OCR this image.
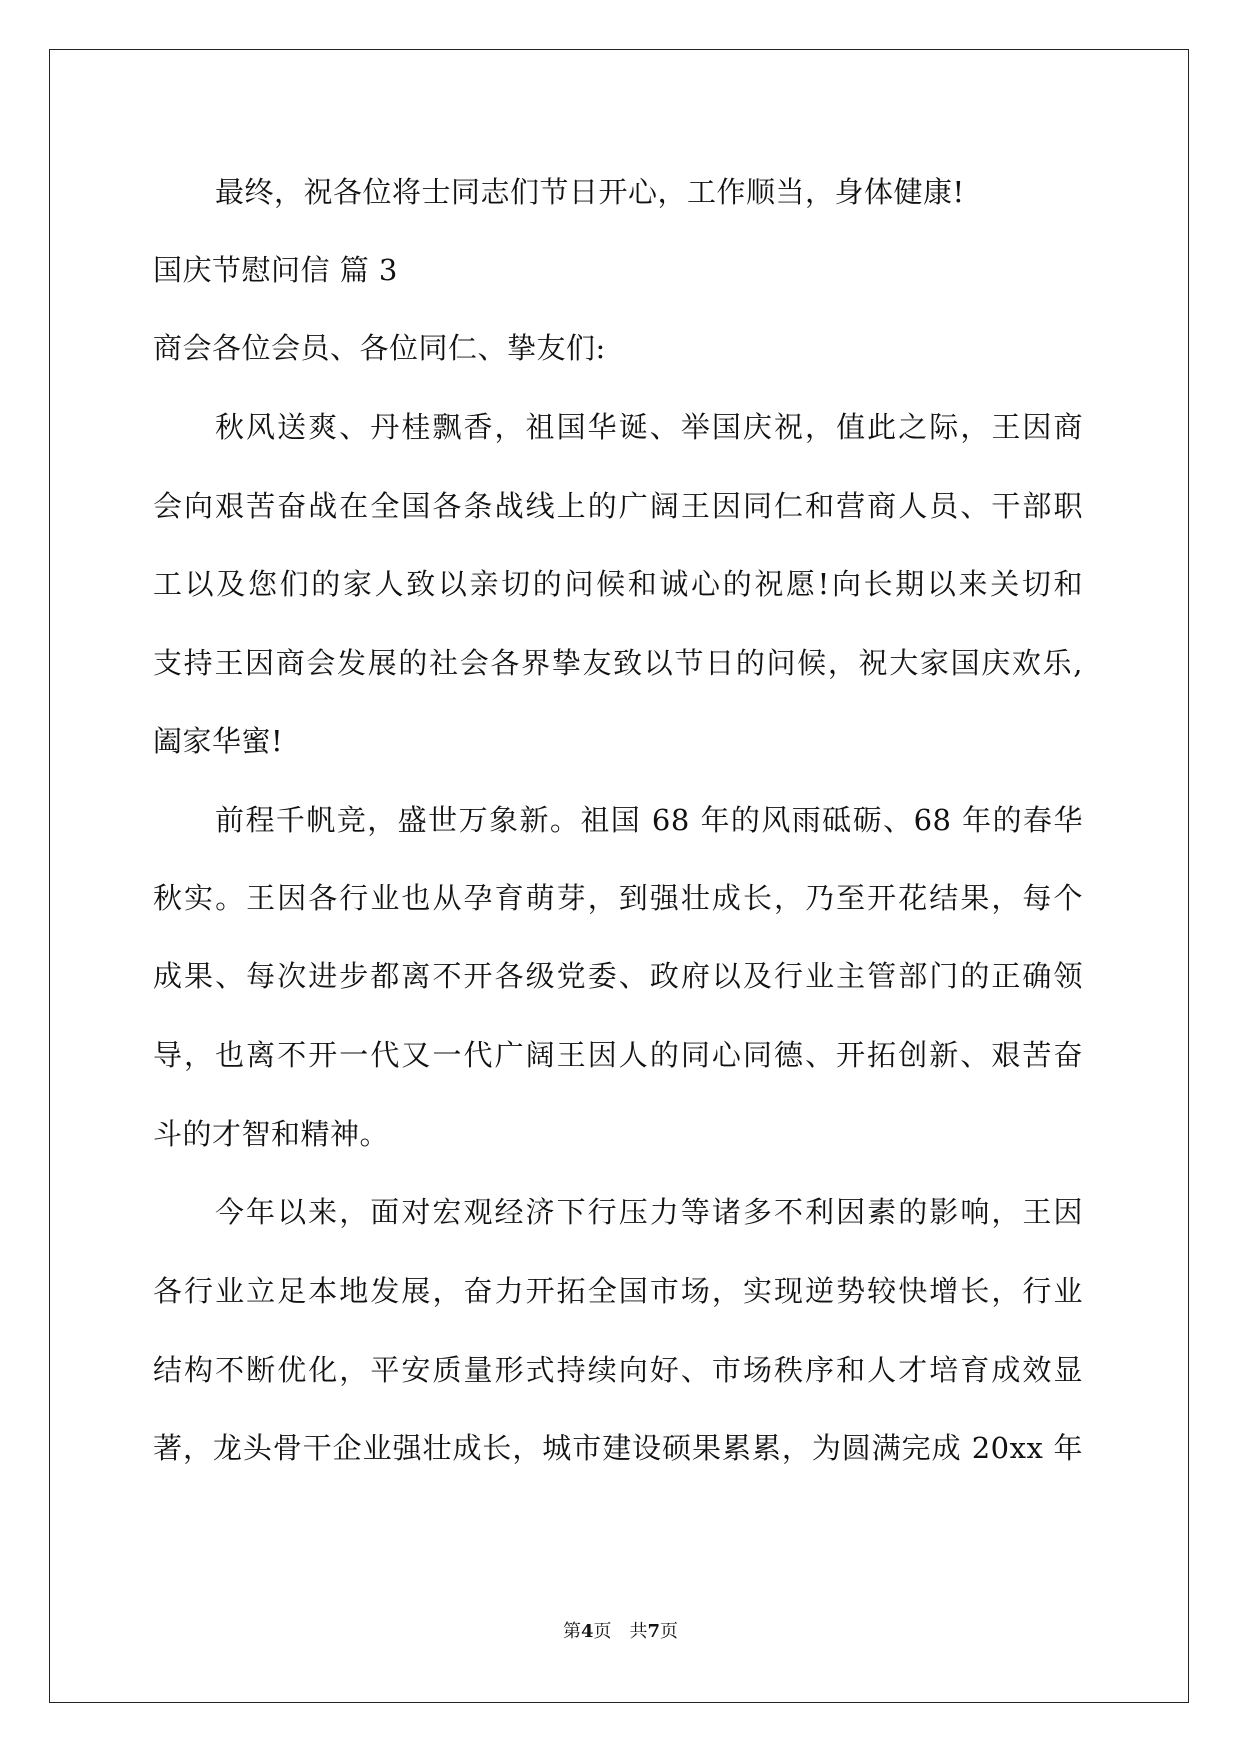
最终，祝各位将士同志们节日开心，工作顺当，身体健康!
国庆节慰问信 篇 3
商会各位会员、各位同仁、挚友们:
秋风送爽、丹桂飘香，祖国华诞、举国庆祝，值此之际，王因商
会向艰苦奋战在全国各条战线上的广阔王因同仁和营商人员、干部职
工以及您们的家人致以亲切的问候和诚心的祝愿!向长期以来关切和
支持王因商会发展的社会各界挚友致以节日的问候，祝大家国庆欢乐,
阖家华蜜!
前程千帆竞，盛世万象新。祖国 68 年的风雨砥砺、68 年的春华
秋实。王因各行业也从孕育萌芽，到强壮成长，乃至开花结果，每个
成果、每次进步都离不开各级党委、政府以及行业主管部门的正确领
导，也离不开一代又一代广阔王因人的同心同德、开拓创新、艰苦奋
斗的才智和精神。
今年以来，面对宏观经济下行压力等诸多不利因素的影响，王因
各行业立足本地发展，奋力开拓全国市场，实现逆势较快增长，行业
结构不断优化，平安质量形式持续向好、市场秩序和人才培育成效显
著，龙头骨干企业强壮成长，城市建设硕果累累，为圆满完成 20xx 年
第4页 共7页
